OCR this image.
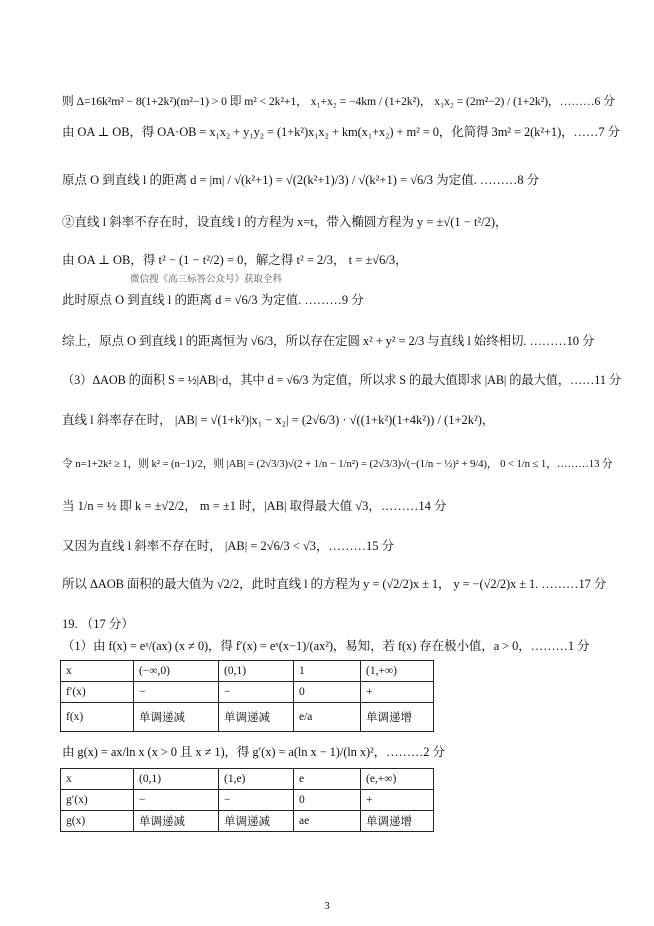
则 Δ=16k²m² − 8(1+2k²)(m²−1) > 0 即 m² < 2k²+1， x₁+x₂ = −4km / (1+2k²)， x₁x₂ = (2m²−2) / (1+2k²)，………6 分
由 OA ⊥ OB，得 OA·OB = x₁x₂ + y₁y₂ = (1+k²)x₁x₂ + km(x₁+x₂) + m² = 0，化简得 3m² = 2(k²+1)，……7 分
原点 O 到直线 l 的距离 d = |m| / √(k²+1) = √(2(k²+1)/3) / √(k²+1) = √6/3 为定值. ………8 分
②直线 l 斜率不存在时，设直线 l 的方程为 x=t，带入椭圆方程为 y = ±√(1 − t²/2)，
由 OA ⊥ OB，得 t² − (1 − t²/2) = 0，解之得 t² = 2/3， t = ±√6/3，
微信搜《高三标答公众号》获取全科
此时原点 O 到直线 l 的距离 d = √6/3 为定值. ………9 分
综上，原点 O 到直线 l 的距离恒为 √6/3，所以存在定圆 x² + y² = 2/3 与直线 l 始终相切. ………10 分
（3）ΔAOB 的面积 S = ½|AB|·d，其中 d = √6/3 为定值，所以求 S 的最大值即求 |AB| 的最大值，……11 分
直线 l 斜率存在时， |AB| = √(1+k²)|x₁ − x₂| = (2√6/3) · √((1+k²)(1+4k²)) / (1+2k²)，
令 n=1+2k² ≥ 1，则 k² = (n−1)/2，则 |AB| = (2√3/3)√(2 + 1/n − 1/n²) = (2√3/3)√(−(1/n − ½)² + 9/4)， 0 < 1/n ≤ 1，………13 分
当 1/n = ½ 即 k = ±√2/2， m = ±1 时，|AB| 取得最大值 √3，………14 分
又因为直线 l 斜率不存在时， |AB| = 2√6/3 < √3，………15 分
所以 ΔAOB 面积的最大值为 √2/2，此时直线 l 的方程为 y = (√2/2)x ± 1， y = −(√2/2)x ± 1. ………17 分
19. （17 分）
（1）由 f(x) = eˣ/(ax) (x ≠ 0)，得 f′(x) = eˣ(x−1)/(ax²)，易知，若 f(x) 存在极小值，a > 0，………1 分
x	(−∞,0)	(0,1)	1	(1,+∞)
f′(x)	−	−	0	+
f(x)	单调递减	单调递减	e/a	单调递增
由 g(x) = ax/ln x (x > 0 且 x ≠ 1)，得 g′(x) = a(ln x − 1)/(ln x)²，………2 分
x	(0,1)	(1,e)	e	(e,+∞)
g′(x)	−	−	0	+
g(x)	单调递减	单调递减	ae	单调递增
3
